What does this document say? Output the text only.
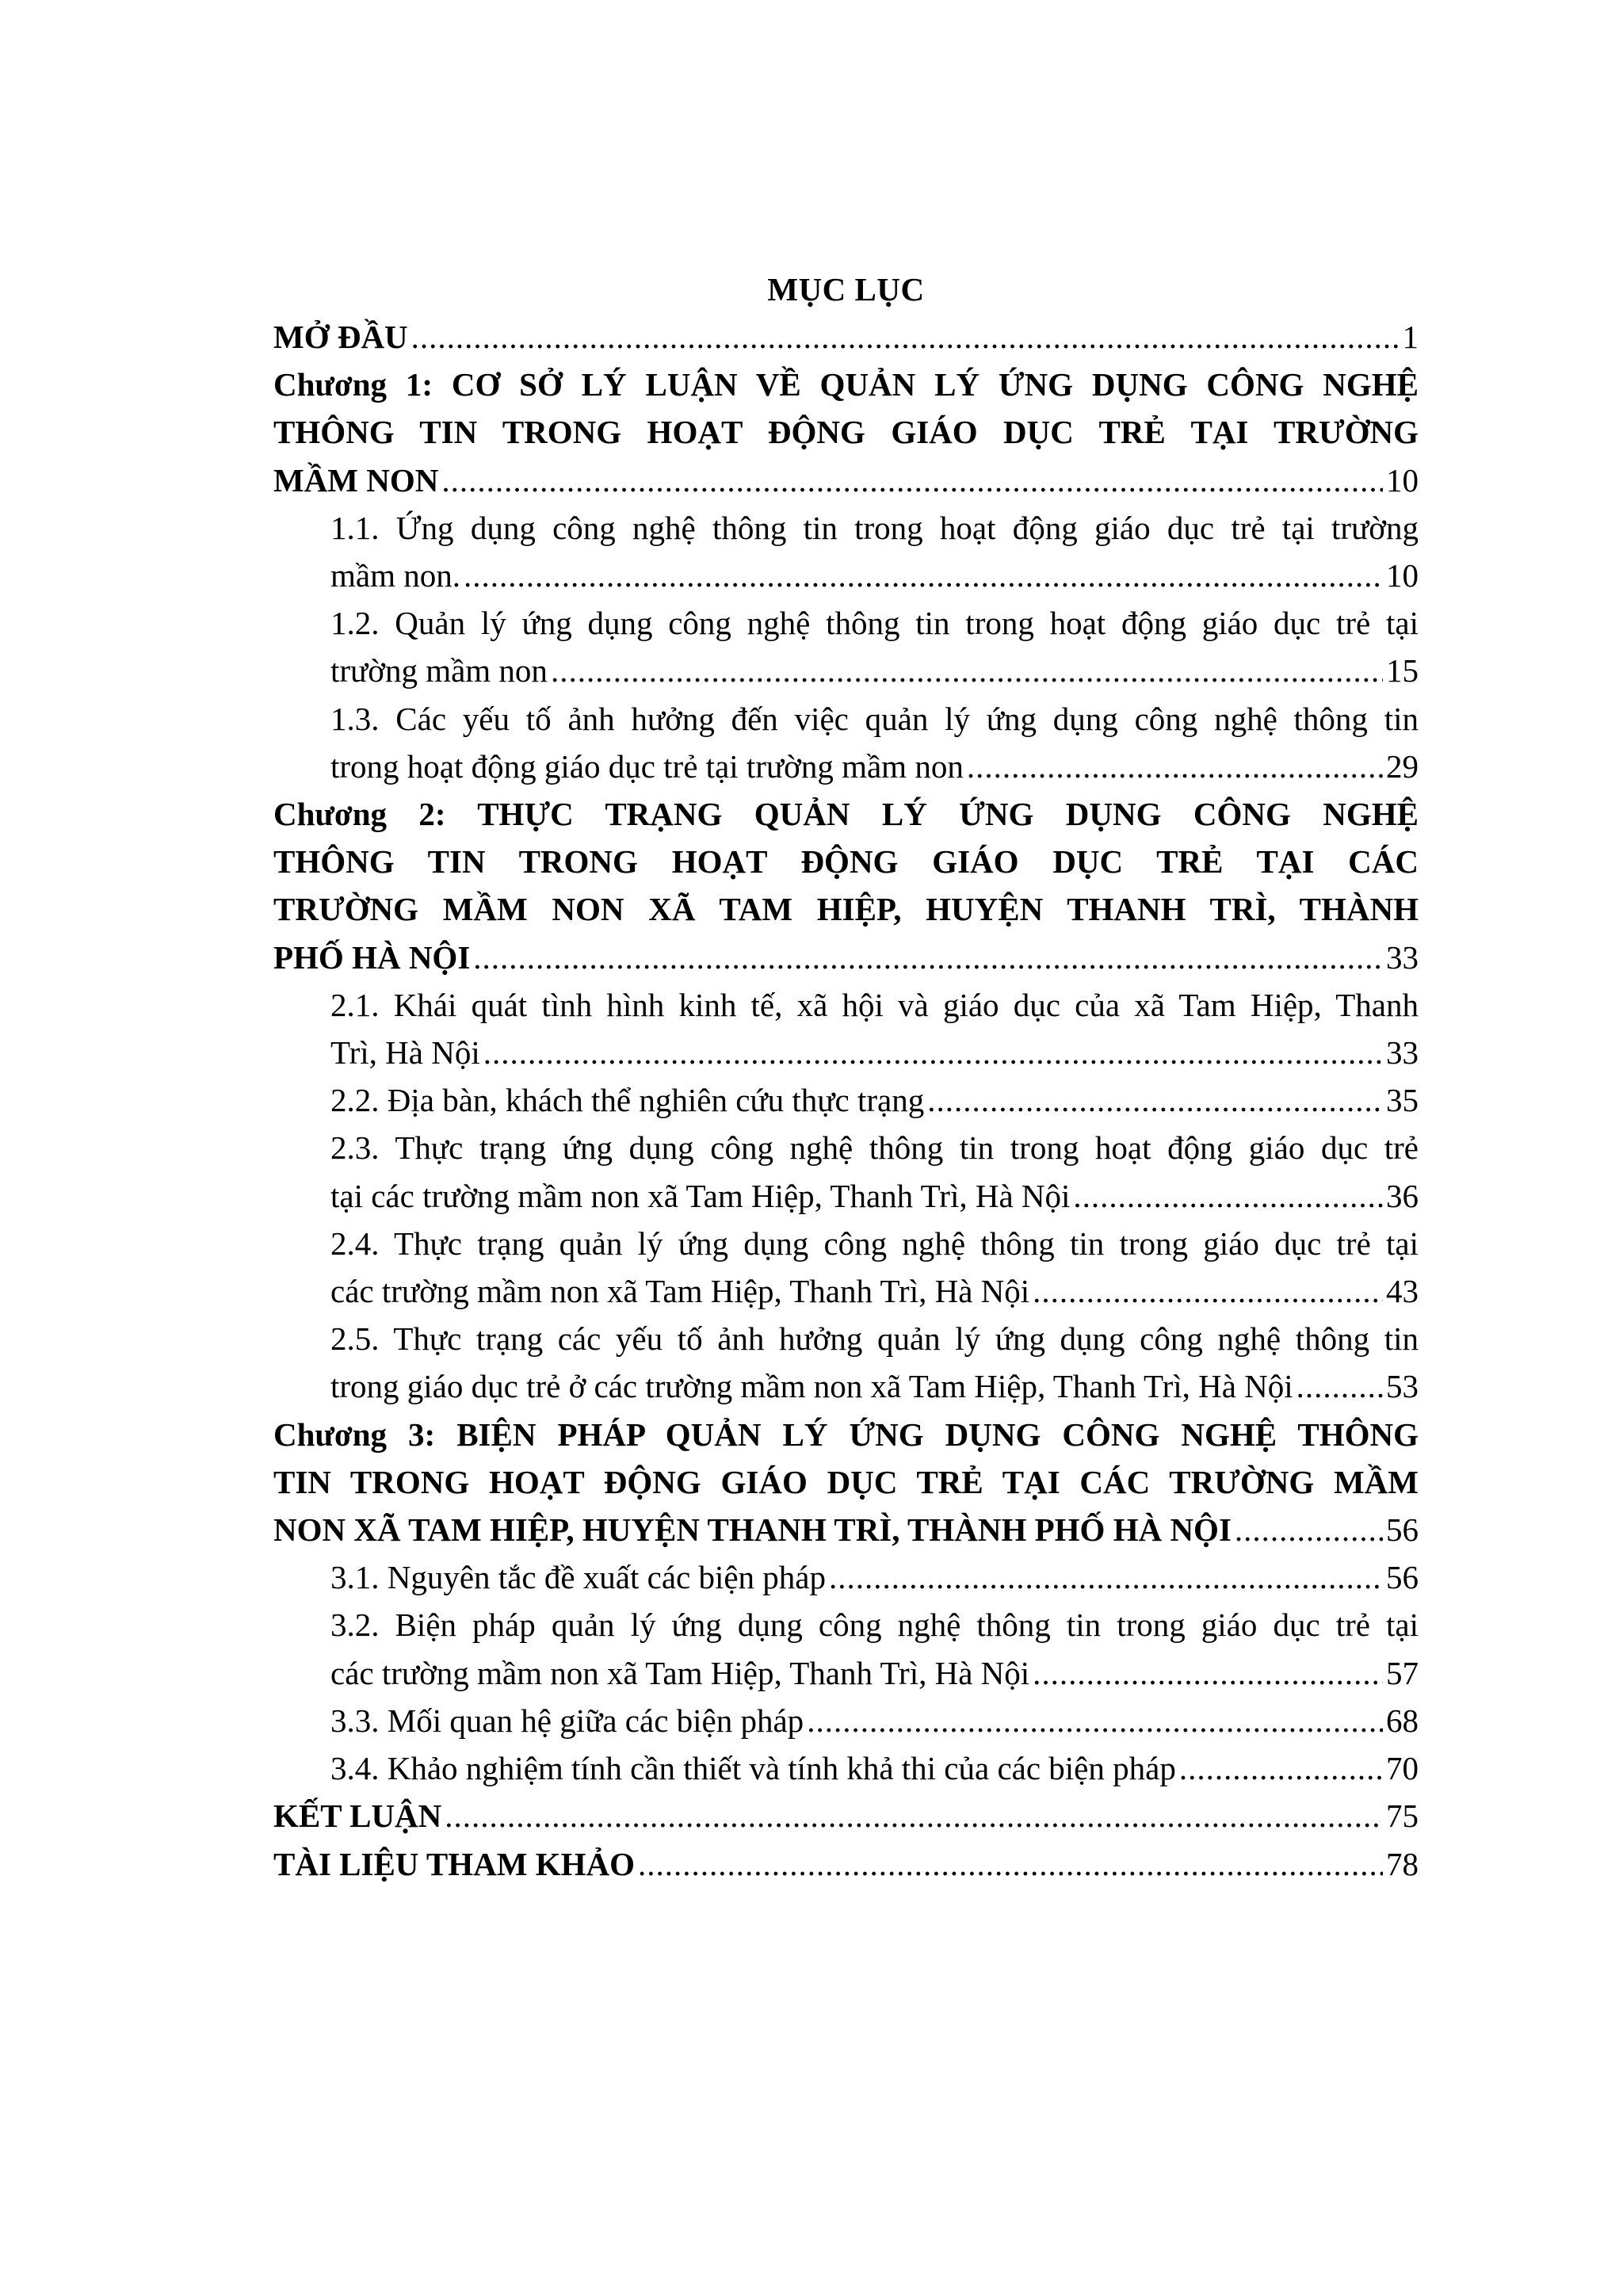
MỤC LỤC
MỞ ĐẦU .....	1
Chương 1: CƠ SỞ LÝ LUẬN VỀ QUẢN LÝ ỨNG DỤNG CÔNG NGHỆ
THÔNG TIN TRONG HOẠT ĐỘNG GIÁO DỤC TRẺ TẠI TRƯỜNG
MẦM NON .....	10
1.1. Ứng dụng công nghệ thông tin trong hoạt động giáo dục trẻ tại trường
mầm non. .....	10
1.2. Quản lý ứng dụng công nghệ thông tin trong hoạt động giáo dục trẻ tại
trường mầm non .....	15
1.3. Các yếu tố ảnh hưởng đến việc quản lý ứng dụng công nghệ thông tin
trong hoạt động giáo dục trẻ tại trường mầm non .....	29
Chương 2: THỰC TRẠNG QUẢN LÝ ỨNG DỤNG CÔNG NGHỆ
THÔNG TIN TRONG HOẠT ĐỘNG GIÁO DỤC TRẺ TẠI CÁC
TRƯỜNG MẦM NON XÃ TAM HIỆP, HUYỆN THANH TRÌ, THÀNH
PHỐ HÀ NỘI .....	33
2.1. Khái quát tình hình kinh tế, xã hội và giáo dục của xã Tam Hiệp, Thanh
Trì, Hà Nội .....	33
2.2. Địa bàn, khách thể nghiên cứu thực trạng .....	35
2.3. Thực trạng ứng dụng công nghệ thông tin trong hoạt động giáo dục trẻ
tại các trường mầm non xã Tam Hiệp, Thanh Trì, Hà Nội .....	36
2.4. Thực trạng quản lý ứng dụng công nghệ thông tin trong giáo dục trẻ tại
các trường mầm non xã Tam Hiệp, Thanh Trì, Hà Nội .....	43
2.5. Thực trạng các yếu tố ảnh hưởng quản lý ứng dụng công nghệ thông tin
trong giáo dục trẻ ở các trường mầm non xã Tam Hiệp, Thanh Trì, Hà Nội .....	53
Chương 3: BIỆN PHÁP QUẢN LÝ ỨNG DỤNG CÔNG NGHỆ THÔNG
TIN TRONG HOẠT ĐỘNG GIÁO DỤC TRẺ TẠI CÁC TRƯỜNG MẦM
NON XÃ TAM HIỆP, HUYỆN THANH TRÌ, THÀNH PHỐ HÀ NỘI .....	56
3.1. Nguyên tắc đề xuất các biện pháp .....	56
3.2. Biện pháp quản lý ứng dụng công nghệ thông tin trong giáo dục trẻ tại
các trường mầm non xã Tam Hiệp, Thanh Trì, Hà Nội .....	57
3.3. Mối quan hệ giữa các biện pháp .....	68
3.4. Khảo nghiệm tính cần thiết và tính khả thi của các biện pháp .....	70
KẾT LUẬN .....	75
TÀI LIỆU THAM KHẢO .....	78
